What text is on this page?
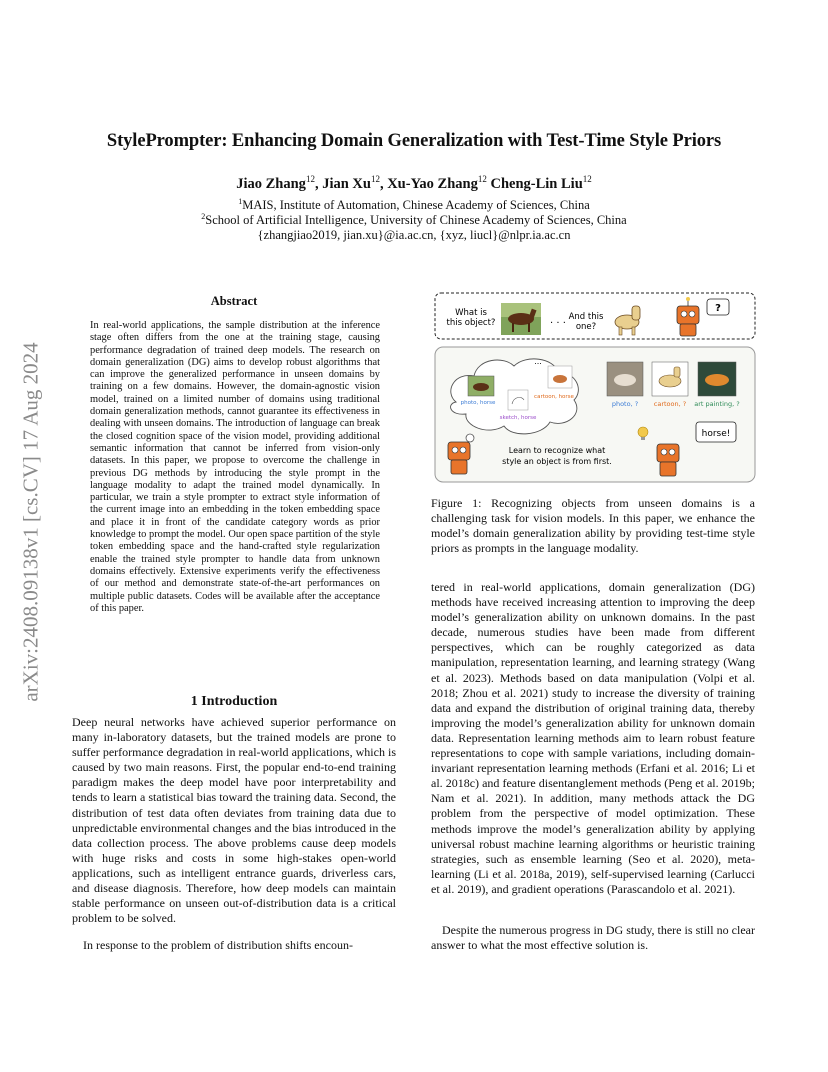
StylePrompter: Enhancing Domain Generalization with Test-Time Style Priors
Jiao Zhang$^{12}$, Jian Xu$^{12}$, Xu-Yao Zhang$^{12}$ Cheng-Lin Liu$^{12}$
$^1$MAIS, Institute of Automation, Chinese Academy of Sciences, China
$^2$School of Artificial Intelligence, University of Chinese Academy of Sciences, China
{zhangjiao2019, jian.xu}@ia.ac.cn, {xyz, liucl}@nlpr.ia.ac.cn
arXiv:2408.09138v1 [cs.CV] 17 Aug 2024
Abstract
In real-world applications, the sample distribution at the inference stage often differs from the one at the training stage, causing performance degradation of trained deep models. The research on domain generalization (DG) aims to develop robust algorithms that can improve the generalized performance in unseen domains by training on a few domains. However, the domain-agnostic vision model, trained on a limited number of domains using traditional domain generalization methods, cannot guarantee its effectiveness in dealing with unseen domains. The introduction of language can break the closed cognition space of the vision model, providing additional semantic information that cannot be inferred from vision-only datasets. In this paper, we propose to overcome the challenge in previous DG methods by introducing the style prompt in the language modality to adapt the trained model dynamically. In particular, we train a style prompter to extract style information of the current image into an embedding in the token embedding space and place it in front of the candidate category words as prior knowledge to prompt the model. Our open space partition of the style token embedding space and the hand-crafted style regularization enable the trained style prompter to handle data from unknown domains effectively. Extensive experiments verify the effectiveness of our method and demonstrate state-of-the-art performances on multiple public datasets. Codes will be available after the acceptance of this paper.
1 Introduction
Deep neural networks have achieved superior performance on many in-laboratory datasets, but the trained models are prone to suffer performance degradation in real-world applications, which is caused by two main reasons. First, the popular end-to-end training paradigm makes the deep model have poor interpretability and tends to learn a statistical bias toward the training data. Second, the distribution of test data often deviates from training data due to unpredictable environmental changes and the bias introduced in the data collection process. The above problems cause deep models with huge risks and costs in some high-stakes open-world applications, such as intelligent entrance guards, driverless cars, and disease diagnosis. Therefore, how deep models can maintain stable performance on unseen out-of-distribution data is a critical problem to be solved.
In response to the problem of distribution shifts encoun-
What is
this object?	. . . And this
one?
?
...
photo, horse
sketch, horse
cartoon, horse
photo, ? cartoon, ? art painting, ?
Learn to recognize what
style an object is from first.
horse!
Figure 1: Recognizing objects from unseen domains is a challenging task for vision models. In this paper, we enhance the model’s domain generalization ability by providing test-time style priors as prompts in the language modality.
tered in real-world applications, domain generalization (DG) methods have received increasing attention to improving the deep model’s generalization ability on unknown domains. In the past decade, numerous studies have been made from different perspectives, which can be roughly categorized as data manipulation, representation learning, and learning strategy (Wang et al. 2023). Methods based on data manipulation (Volpi et al. 2018; Zhou et al. 2021) study to increase the diversity of training data and expand the distribution of original training data, thereby improving the model’s generalization ability for unknown domain data. Representation learning methods aim to learn robust feature representations to cope with sample variations, including domain-invariant representation learning methods (Erfani et al. 2016; Li et al. 2018c) and feature disentanglement methods (Peng et al. 2019b; Nam et al. 2021). In addition, many methods attack the DG problem from the perspective of model optimization. These methods improve the model’s generalization ability by applying universal robust machine learning algorithms or heuristic training strategies, such as ensemble learning (Seo et al. 2020), meta-learning (Li et al. 2018a, 2019), self-supervised learning (Carlucci et al. 2019), and gradient operations (Parascandolo et al. 2021).
Despite the numerous progress in DG study, there is still no clear answer to what the most effective solution is.
